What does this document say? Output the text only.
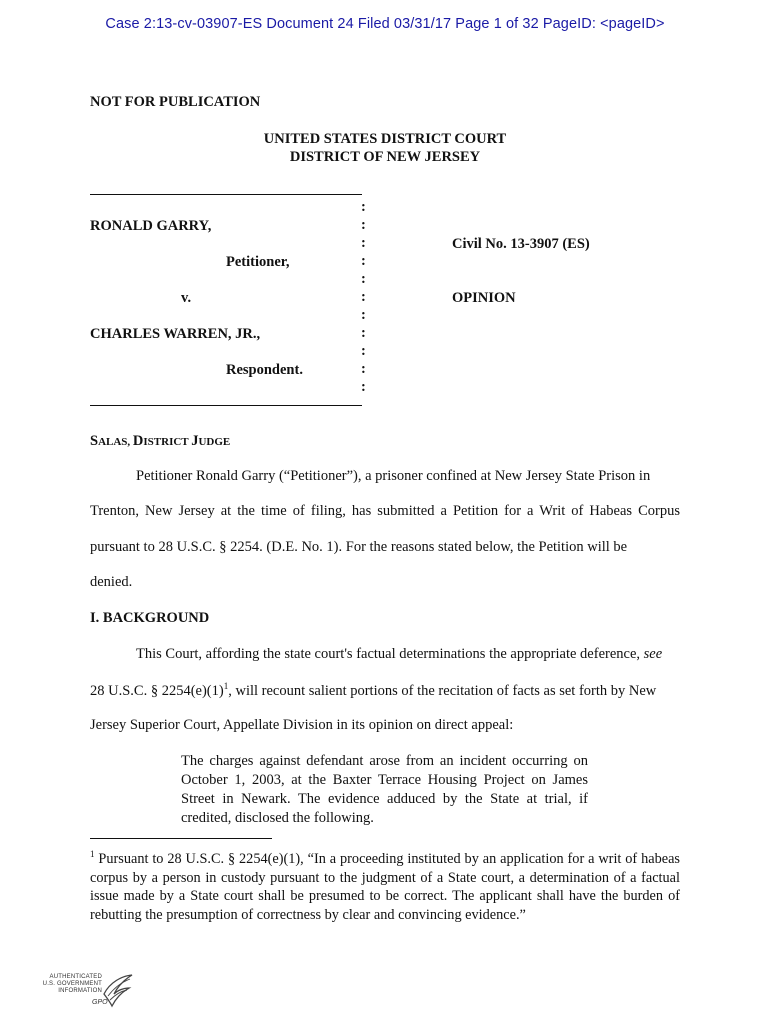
Case 2:13-cv-03907-ES Document 24 Filed 03/31/17 Page 1 of 32 PageID: <pageID>
NOT FOR PUBLICATION
UNITED STATES DISTRICT COURT
DISTRICT OF NEW JERSEY
:
:
:
:
:
:
:
:
:
:
:
RONALD GARRY,
Petitioner,
v.
CHARLES WARREN, JR.,
Respondent.
Civil No. 13-3907 (ES)
OPINION
SALAS, DISTRICT JUDGE
Petitioner Ronald Garry (“Petitioner”), a prisoner confined at New Jersey State Prison in
Trenton, New Jersey at the time of filing, has submitted a Petition for a Writ of Habeas Corpus
pursuant to 28 U.S.C. § 2254. (D.E. No. 1). For the reasons stated below, the Petition will be
denied.
I. BACKGROUND
This Court, affording the state court's factual determinations the appropriate deference, see
28 U.S.C. § $2254(e)(1)^1$, will recount salient portions of the recitation of facts as set forth by New
Jersey Superior Court, Appellate Division in its opinion on direct appeal:
The charges against defendant arose from an incident occurring on October 1, 2003, at the Baxter Terrace Housing Project on James Street in Newark. The evidence adduced by the State at trial, if credited, disclosed the following.
$^1$ Pursuant to 28 U.S.C. § 2254(e)(1), “In a proceeding instituted by an application for a writ of habeas corpus by a person in custody pursuant to the judgment of a State court, a determination of a factual issue made by a State court shall be presumed to be correct. The applicant shall have the burden of rebutting the presumption of correctness by clear and convincing evidence.”
AUTHENTICATED
U.S. GOVERNMENT
INFORMATION
GPO
